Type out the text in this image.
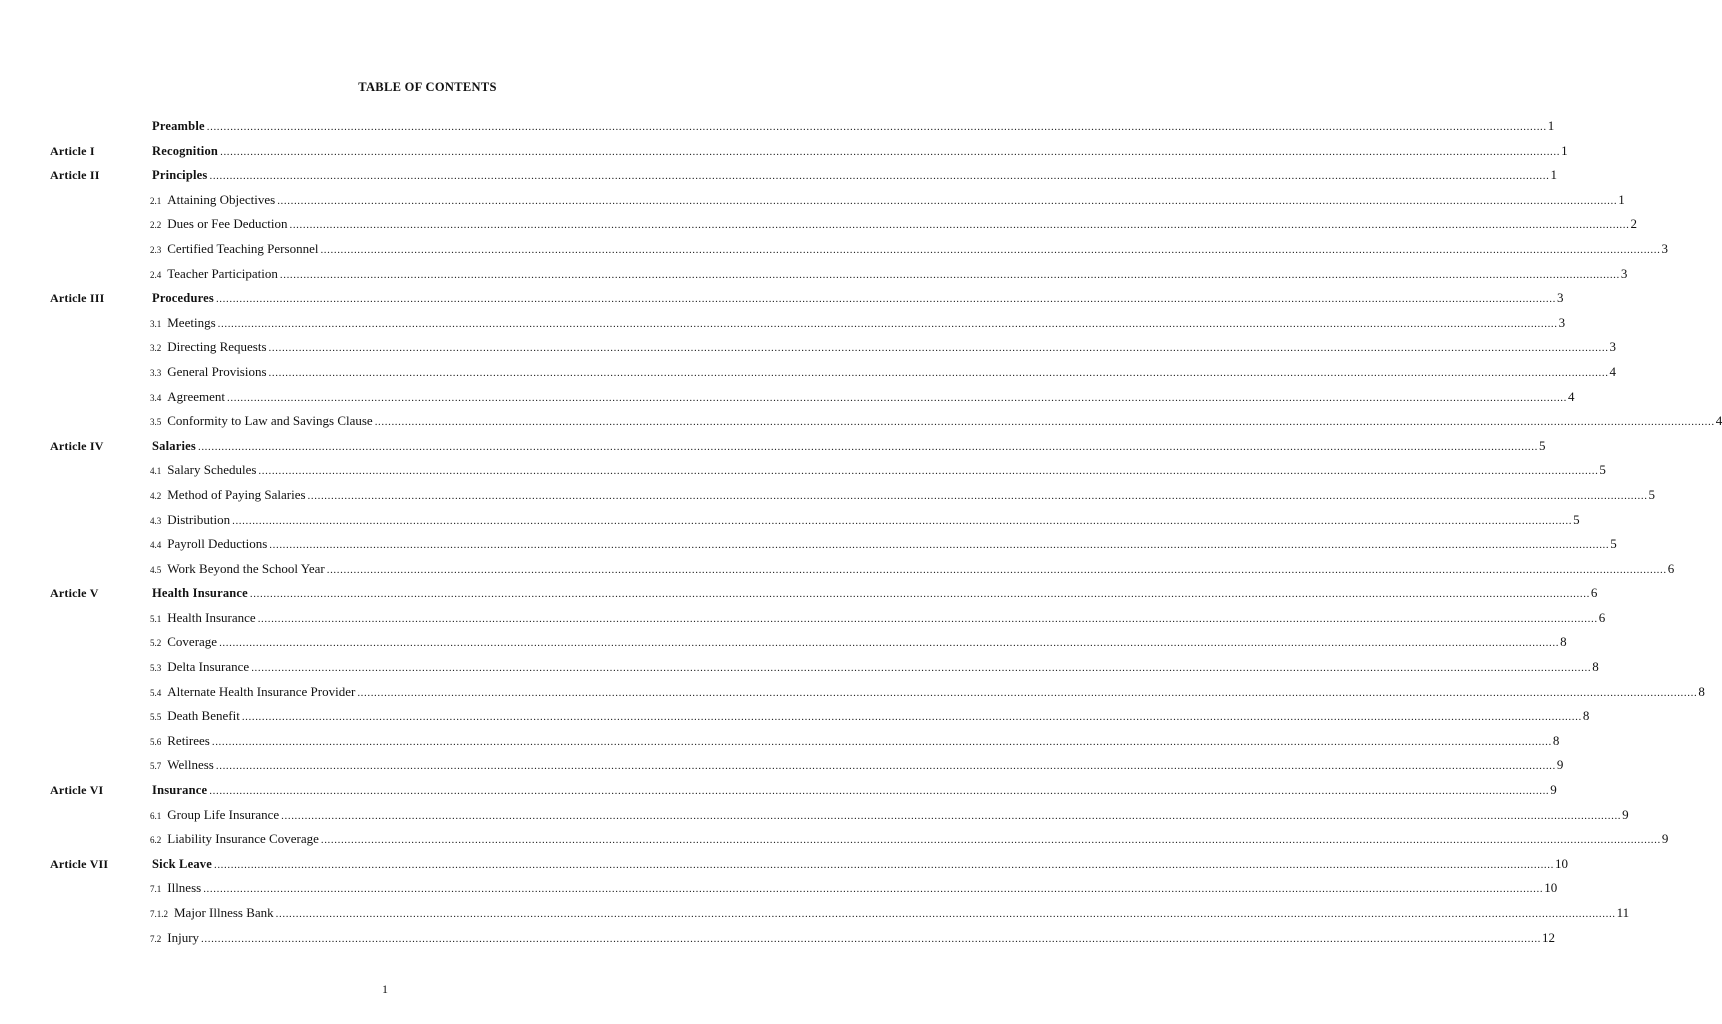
TABLE OF CONTENTS
Preamble ................................................................................................................................................................................................................................................................................................................................................................................................................ 1
Article I	Recognition ................................................................................................................................................................................................................................................................................................................................................................................................................ 1
Article II	Principles ................................................................................................................................................................................................................................................................................................................................................................................................................ 1
2.1 Attaining Objectives ................................................................................................................................................................................................................................................................................................................................................................................................................ 1
2.2 Dues or Fee Deduction ................................................................................................................................................................................................................................................................................................................................................................................................................ 2
2.3 Certified Teaching Personnel ................................................................................................................................................................................................................................................................................................................................................................................................................ 3
2.4 Teacher Participation ................................................................................................................................................................................................................................................................................................................................................................................................................ 3
Article III	Procedures ................................................................................................................................................................................................................................................................................................................................................................................................................ 3
3.1 Meetings ................................................................................................................................................................................................................................................................................................................................................................................................................ 3
3.2 Directing Requests ................................................................................................................................................................................................................................................................................................................................................................................................................ 3
3.3 General Provisions ................................................................................................................................................................................................................................................................................................................................................................................................................ 4
3.4 Agreement ................................................................................................................................................................................................................................................................................................................................................................................................................ 4
3.5 Conformity to Law and Savings Clause ................................................................................................................................................................................................................................................................................................................................................................................................................ 4
Article IV	Salaries ................................................................................................................................................................................................................................................................................................................................................................................................................ 5
4.1 Salary Schedules ................................................................................................................................................................................................................................................................................................................................................................................................................ 5
4.2 Method of Paying Salaries ................................................................................................................................................................................................................................................................................................................................................................................................................ 5
4.3 Distribution ................................................................................................................................................................................................................................................................................................................................................................................................................ 5
4.4 Payroll Deductions ................................................................................................................................................................................................................................................................................................................................................................................................................ 5
4.5 Work Beyond the School Year ................................................................................................................................................................................................................................................................................................................................................................................................................ 6
Article V	Health Insurance ................................................................................................................................................................................................................................................................................................................................................................................................................ 6
5.1 Health Insurance ................................................................................................................................................................................................................................................................................................................................................................................................................ 6
5.2 Coverage ................................................................................................................................................................................................................................................................................................................................................................................................................ 8
5.3 Delta Insurance ................................................................................................................................................................................................................................................................................................................................................................................................................ 8
5.4 Alternate Health Insurance Provider ................................................................................................................................................................................................................................................................................................................................................................................................................ 8
5.5 Death Benefit ................................................................................................................................................................................................................................................................................................................................................................................................................ 8
5.6 Retirees ................................................................................................................................................................................................................................................................................................................................................................................................................ 8
5.7 Wellness ................................................................................................................................................................................................................................................................................................................................................................................................................ 9
Article VI	Insurance ................................................................................................................................................................................................................................................................................................................................................................................................................ 9
6.1 Group Life Insurance ................................................................................................................................................................................................................................................................................................................................................................................................................ 9
6.2 Liability Insurance Coverage ................................................................................................................................................................................................................................................................................................................................................................................................................ 9
Article VII	Sick Leave ................................................................................................................................................................................................................................................................................................................................................................................................................ 10
7.1 Illness ................................................................................................................................................................................................................................................................................................................................................................................................................ 10
7.1.2 Major Illness Bank ................................................................................................................................................................................................................................................................................................................................................................................................................ 11
7.2 Injury ................................................................................................................................................................................................................................................................................................................................................................................................................ 12
1
